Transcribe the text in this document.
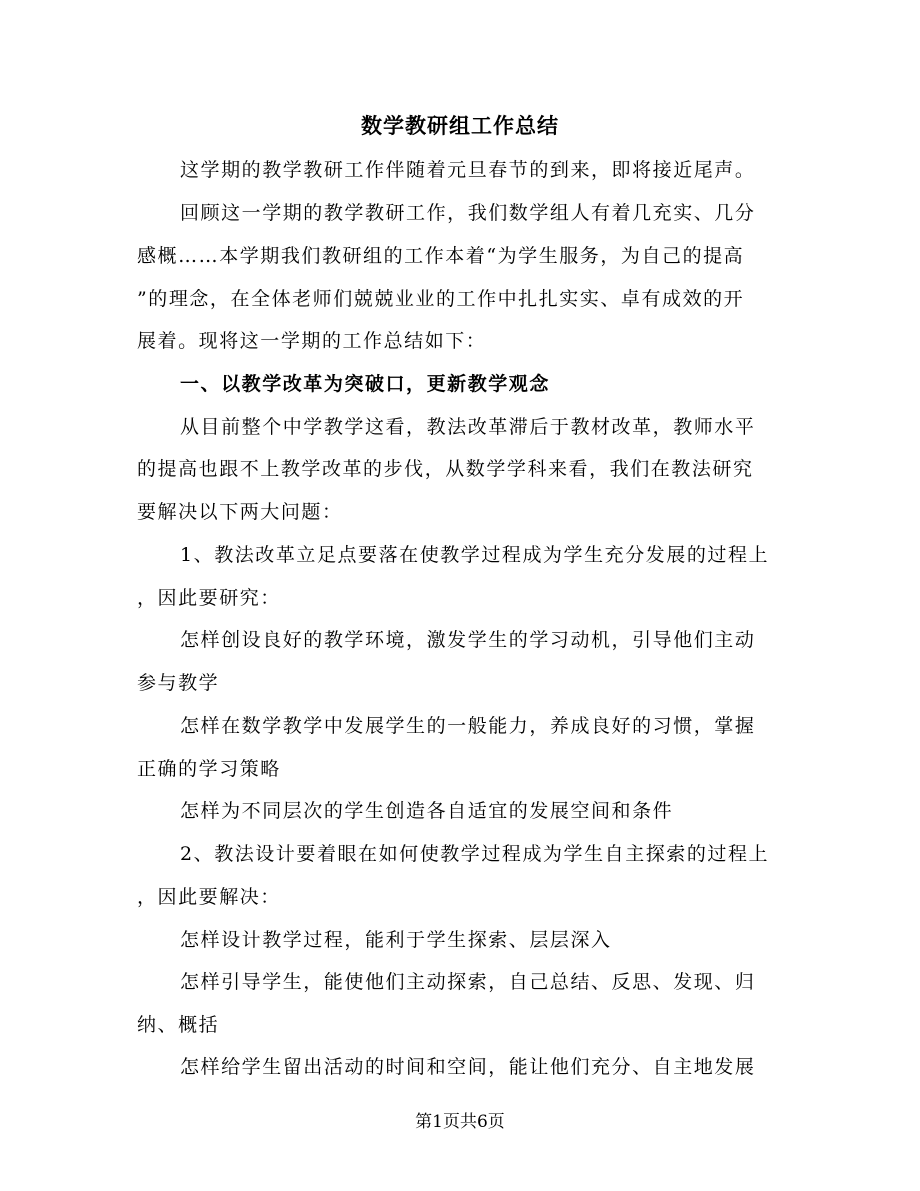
数学教研组工作总结
这学期的教学教研工作伴随着元旦春节的到来，即将接近尾声。
回顾这一学期的教学教研工作，我们数学组人有着几充实、几分
感概……本学期我们教研组的工作本着“为学生服务，为自己的提高
”的理念，在全体老师们兢兢业业的工作中扎扎实实、卓有成效的开
展着。现将这一学期的工作总结如下：
一、以教学改革为突破口，更新教学观念
从目前整个中学教学这看，教法改革滞后于教材改革，教师水平
的提高也跟不上教学改革的步伐，从数学学科来看，我们在教法研究
要解决以下两大问题：
1、教法改革立足点要落在使教学过程成为学生充分发展的过程上
，因此要研究：
怎样创设良好的教学环境，激发学生的学习动机，引导他们主动
参与教学
怎样在数学教学中发展学生的一般能力，养成良好的习惯，掌握
正确的学习策略
怎样为不同层次的学生创造各自适宜的发展空间和条件
2、教法设计要着眼在如何使教学过程成为学生自主探索的过程上
，因此要解决：
怎样设计教学过程，能利于学生探索、层层深入
怎样引导学生，能使他们主动探索，自己总结、反思、发现、归
纳、概括
怎样给学生留出活动的时间和空间，能让他们充分、自主地发展
第1页共6页
